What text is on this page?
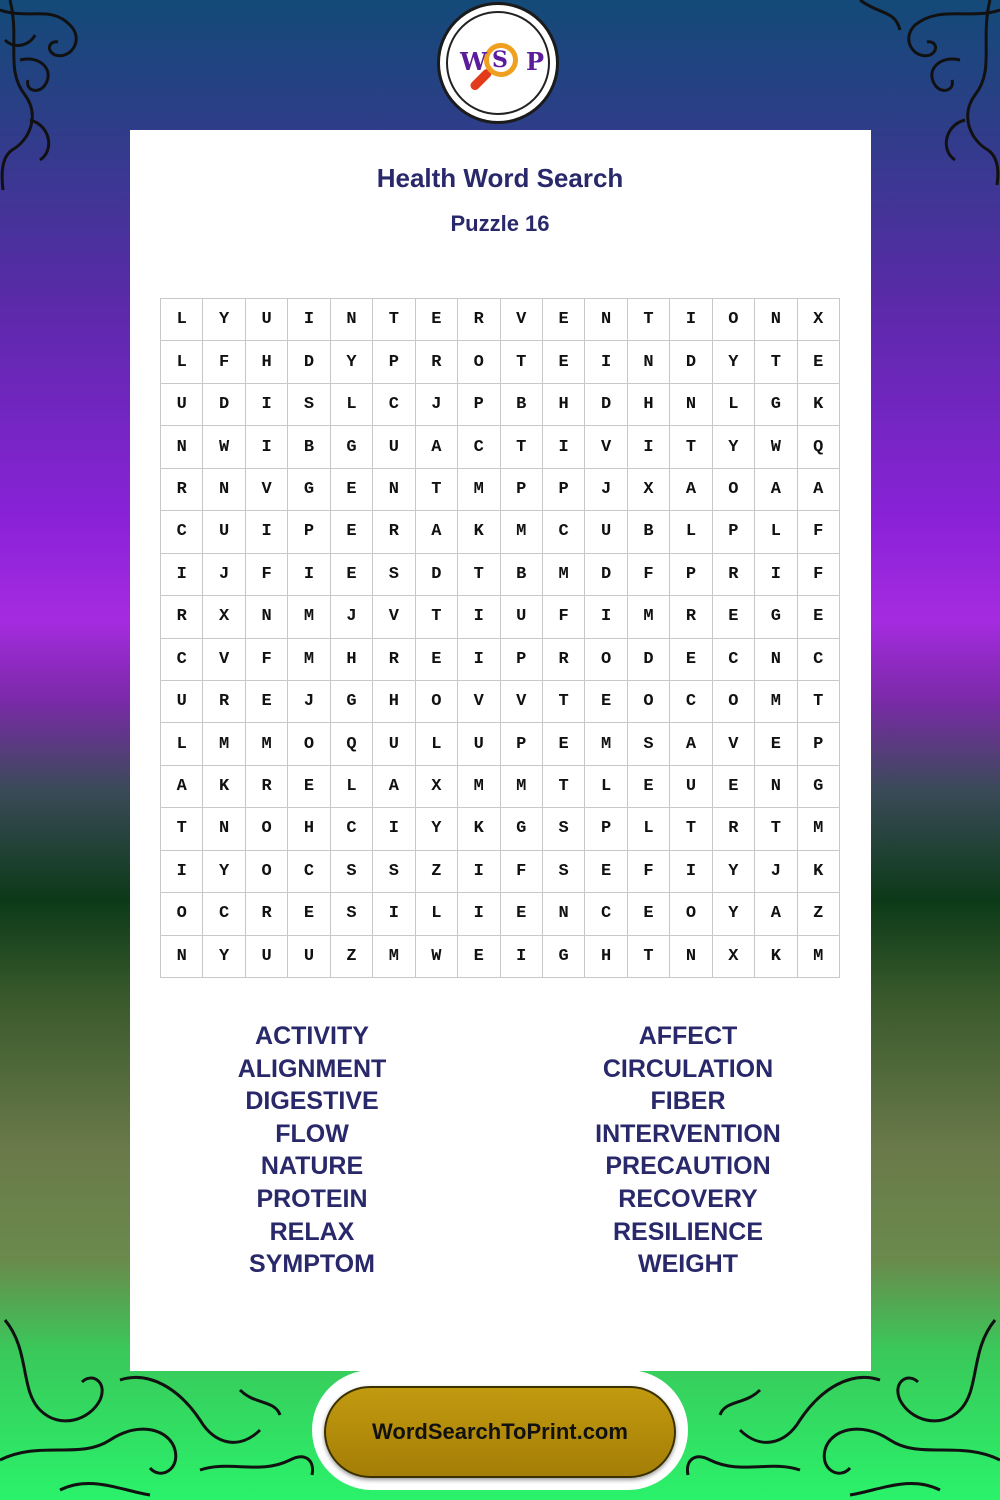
W S P
Health Word Search
Puzzle 16
L	Y	U	I	N	T	E	R	V	E	N	T	I	O	N	X
L	F	H	D	Y	P	R	O	T	E	I	N	D	Y	T	E
U	D	I	S	L	C	J	P	B	H	D	H	N	L	G	K
N	W	I	B	G	U	A	C	T	I	V	I	T	Y	W	Q
R	N	V	G	E	N	T	M	P	P	J	X	A	O	A	A
C	U	I	P	E	R	A	K	M	C	U	B	L	P	L	F
I	J	F	I	E	S	D	T	B	M	D	F	P	R	I	F
R	X	N	M	J	V	T	I	U	F	I	M	R	E	G	E
C	V	F	M	H	R	E	I	P	R	O	D	E	C	N	C
U	R	E	J	G	H	O	V	V	T	E	O	C	O	M	T
L	M	M	O	Q	U	L	U	P	E	M	S	A	V	E	P
A	K	R	E	L	A	X	M	M	T	L	E	U	E	N	G
T	N	O	H	C	I	Y	K	G	S	P	L	T	R	T	M
I	Y	O	C	S	S	Z	I	F	S	E	F	I	Y	J	K
O	C	R	E	S	I	L	I	E	N	C	E	O	Y	A	Z
N	Y	U	U	Z	M	W	E	I	G	H	T	N	X	K	M
ACTIVITY
ALIGNMENT
DIGESTIVE
FLOW
NATURE
PROTEIN
RELAX
SYMPTOM
AFFECT
CIRCULATION
FIBER
INTERVENTION
PRECAUTION
RECOVERY
RESILIENCE
WEIGHT
WordSearchToPrint.com
